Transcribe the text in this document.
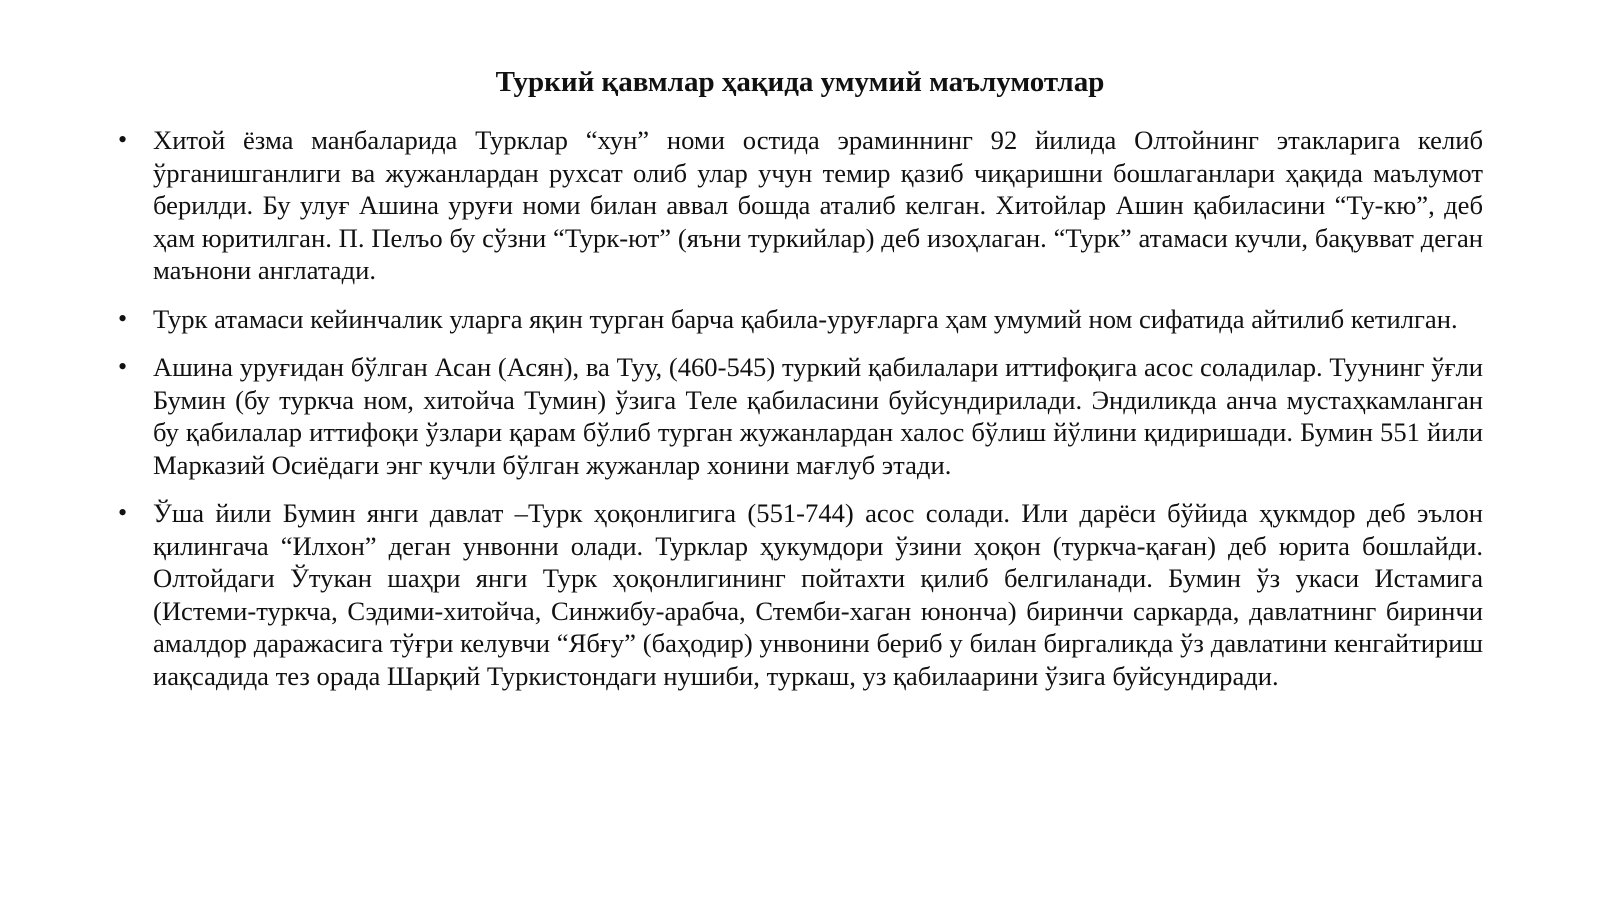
Туркий қавмлар ҳақида умумий маълумотлар
• Хитой ёзма манбаларида Турклар “хун” номи остида эраминнинг 92 йилида Олтойнинг этакларига келиб ўрганишганлиги ва жужанлардан рухсат олиб улар учун темир қазиб чиқаришни бошлаганлари ҳақида маълумот берилди. Бу улуғ Ашина уруғи номи билан аввал бошда аталиб келган. Хитойлар Ашин қабиласини “Ту-кю”, деб ҳам юритилган. П. Пелъо бу сўзни “Турк-ют” (яъни туркийлар) деб изоҳлаган. “Турк” атамаси кучли, бақувват деган маънони англатади.
• Турк атамаси кейинчалик уларга яқин турган барча қабила-уруғларга ҳам умумий ном сифатида айтилиб кетилган.
• Ашина уруғидан бўлган Асан (Асян), ва Туу, (460-545) туркий қабилалари иттифоқига асос соладилар. Туунинг ўғли Бумин (бу туркча ном, хитойча Тумин) ўзига Теле қабиласини буйсундирилади. Эндиликда анча мустаҳкамланган бу қабилалар иттифоқи ўзлари қарам бўлиб турган жужанлардан халос бўлиш йўлини қидиришади. Бумин 551 йили Марказий Осиёдаги энг кучли бўлган жужанлар хонини мағлуб этади.
• Ўша йили Бумин янги давлат –Турк ҳоқонлигига (551-744) асос солади. Или дарёси бўйида ҳукмдор деб эълон қилингача “Илхон” деган унвонни олади. Турклар ҳукумдори ўзини ҳоқон (туркча-қаған) деб юрита бошлайди. Олтойдаги Ўтукан шаҳри янги Турк ҳоқонлигининг пойтахти қилиб белгиланади. Бумин ўз укаси Истамига (Истеми-туркча, Сэдими-хитойча, Синжибу-арабча, Стемби-хаган юнонча) биринчи саркарда, давлатнинг биринчи амалдор даражасига тўғри келувчи “Ябғу” (баҳодир) унвонини бериб у билан биргаликда ўз давлатини кенгайтириш иақсадида тез орада Шарқий Туркистондаги нушиби, туркаш, уз қабилаарини ўзига буйсундиради.
